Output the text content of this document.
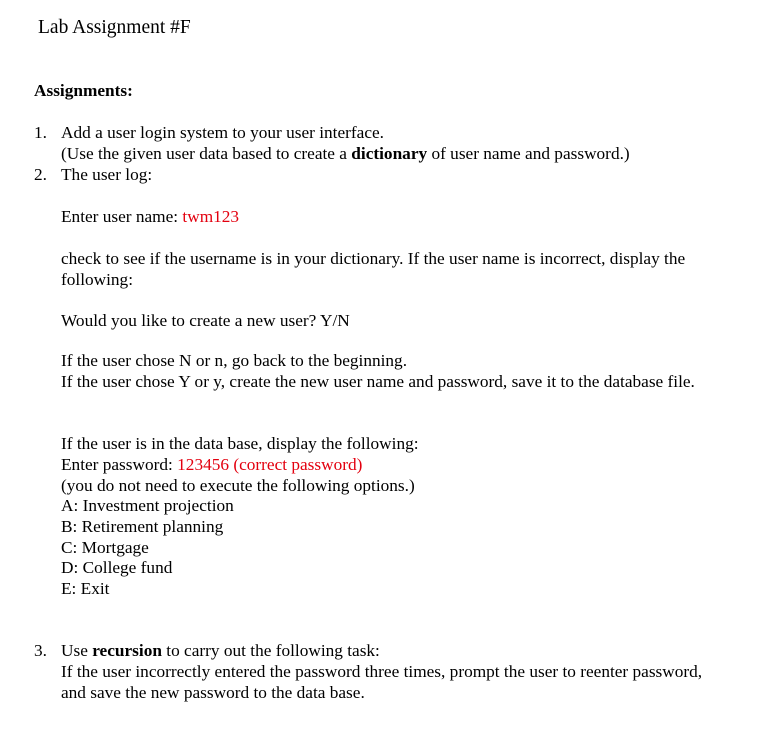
Lab Assignment #F
Assignments:
1. Add a user login system to your user interface.
(Use the given user data based to create a dictionary of user name and password.)
2. The user log:
Enter user name: twm123
check to see if the username is in your dictionary. If the user name is incorrect, display the
following:
Would you like to create a new user? Y/N
If the user chose N or n, go back to the beginning.
If the user chose Y or y, create the new user name and password, save it to the database file.
If the user is in the data base, display the following:
Enter password: 123456 (correct password)
(you do not need to execute the following options.)
A: Investment projection
B: Retirement planning
C: Mortgage
D: College fund
E: Exit
3. Use recursion to carry out the following task:
If the user incorrectly entered the password three times, prompt the user to reenter password,
and save the new password to the data base.
